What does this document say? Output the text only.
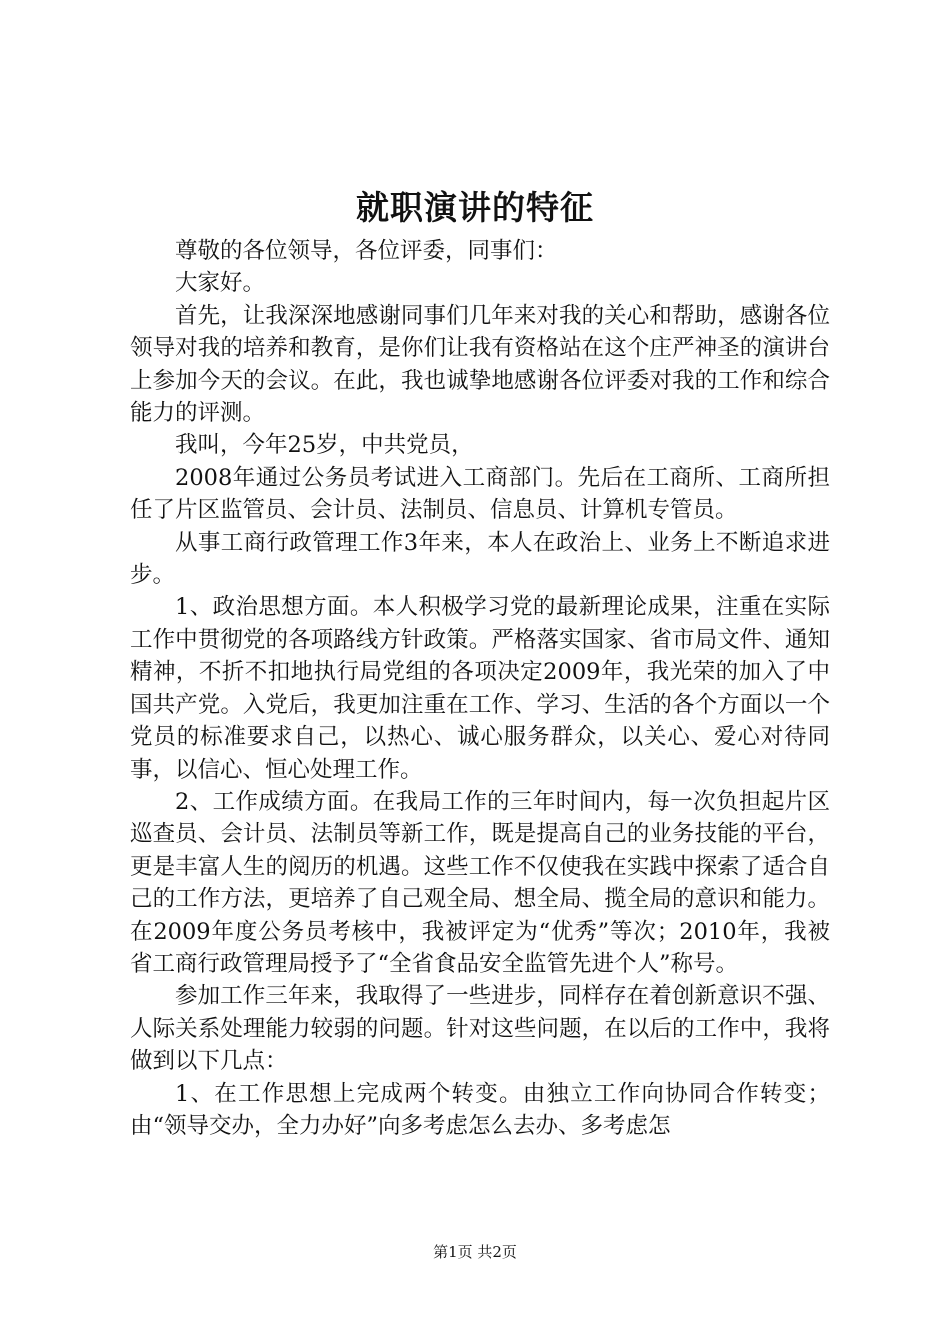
就职演讲的特征

尊敬的各位领导，各位评委，同事们：

大家好。

首先，让我深深地感谢同事们几年来对我的关心和帮助，感谢各位领导对我的培养和教育，是你们让我有资格站在这个庄严神圣的演讲台上参加今天的会议。在此，我也诚挚地感谢各位评委对我的工作和综合能力的评测。

我叫，今年25岁，中共党员，

2008年通过公务员考试进入工商部门。先后在工商所、工商所担任了片区监管员、会计员、法制员、信息员、计算机专管员。

从事工商行政管理工作3年来，本人在政治上、业务上不断追求进步。

1、政治思想方面。本人积极学习党的最新理论成果，注重在实际工作中贯彻党的各项路线方针政策。严格落实国家、省市局文件、通知精神，不折不扣地执行局党组的各项决定2009年，我光荣的加入了中国共产党。入党后，我更加注重在工作、学习、生活的各个方面以一个党员的标准要求自己，以热心、诚心服务群众，以关心、爱心对待同事，以信心、恒心处理工作。

2、工作成绩方面。在我局工作的三年时间内，每一次负担起片区巡查员、会计员、法制员等新工作，既是提高自己的业务技能的平台，更是丰富人生的阅历的机遇。这些工作不仅使我在实践中探索了适合自己的工作方法，更培养了自己观全局、想全局、揽全局的意识和能力。在2009年度公务员考核中，我被评定为“优秀”等次；2010年，我被省工商行政管理局授予了“全省食品安全监管先进个人”称号。

参加工作三年来，我取得了一些进步，同样存在着创新意识不强、人际关系处理能力较弱的问题。针对这些问题，在以后的工作中，我将做到以下几点：

1、在工作思想上完成两个转变。由独立工作向协同合作转变；由“领导交办，全力办好”向多考虑怎么去办、多考虑怎

第1页 共2页
